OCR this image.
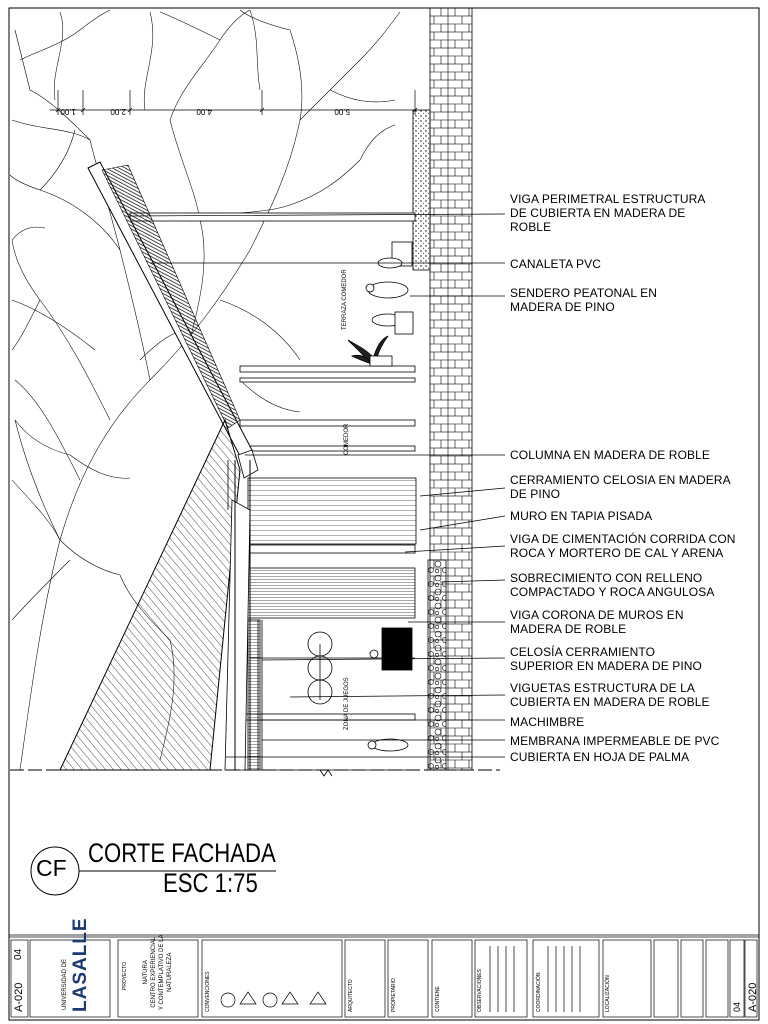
1.00	2.00	4.00	5.00
TERRAZA COMEDOR
COMEDOR
ZONA DE JUEGOS
VIGA PERIMETRAL ESTRUCTURA
DE CUBIERTA EN MADERA DE
ROBLE
CANALETA PVC
SENDERO PEATONAL EN
MADERA DE PINO
COLUMNA EN MADERA DE ROBLE
CERRAMIENTO CELOSIA EN MADERA
DE PINO
MURO EN TAPIA PISADA
VIGA DE CIMENTACIÓN CORRIDA CON
ROCA Y MORTERO DE CAL Y ARENA
SOBRECIMIENTO CON RELLENO
COMPACTADO Y ROCA ANGULOSA
VIGA CORONA DE MUROS EN
MADERA DE ROBLE
CELOSÍA CERRAMIENTO
SUPERIOR EN MADERA DE PINO
VIGUETAS ESTRUCTURA DE LA
CUBIERTA EN MADERA DE ROBLE
MACHIMBRE
MEMBRANA IMPERMEABLE DE PVC
CUBIERTA EN HOJA DE PALMA
CF CORTE FACHADA
ESC 1:75
04
A-020	UNIVERSIDAD DE LASALLE	PROYECTO	NATURA
CENTRO EXPERIENCIAL
Y CONTEMPLATIVO DE LA
NATURALEZA	CONVENCIONES	ARQUITECTO	PROPIETARIO	CONTIENE	OBSERVACIONES	COORDINACIÓN	LOCALIZACIÓN	A-020
04
